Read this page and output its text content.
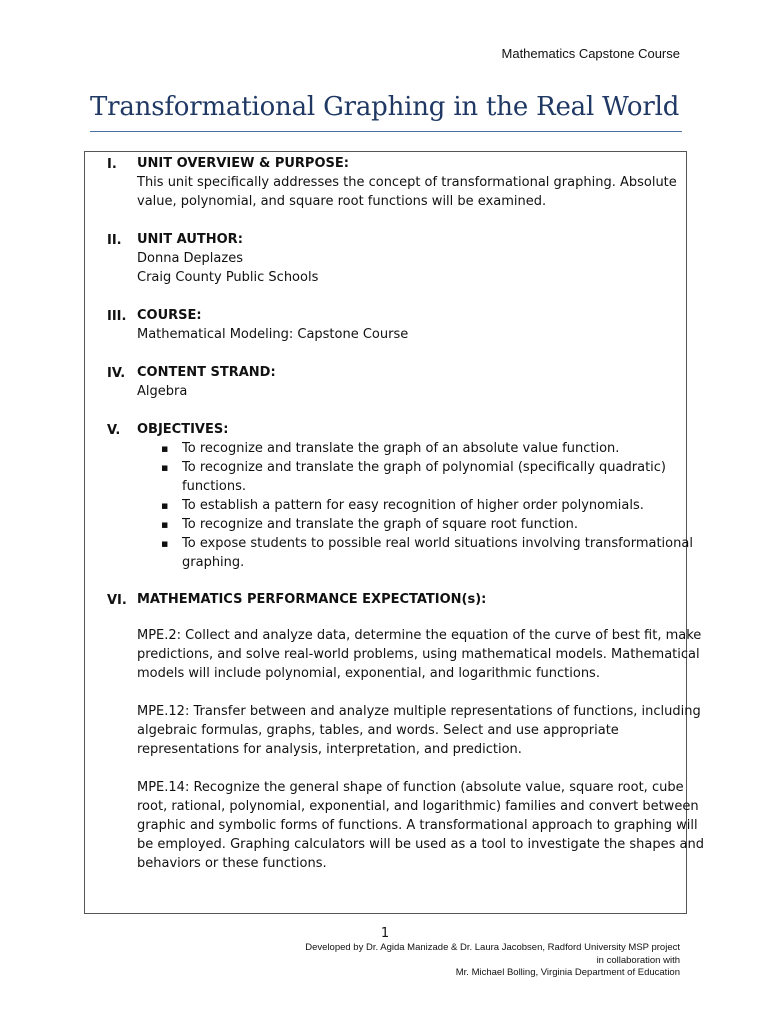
Mathematics Capstone Course
Transformational Graphing in the Real World
I.	UNIT OVERVIEW & PURPOSE:
This unit specifically addresses the concept of transformational graphing. Absolute
value, polynomial, and square root functions will be examined.
II.	UNIT AUTHOR:
Donna Deplazes
Craig County Public Schools
III. COURSE:
Mathematical Modeling: Capstone Course
IV. CONTENT STRAND:
Algebra
V.	OBJECTIVES:
▪ To recognize and translate the graph of an absolute value function.
▪ To recognize and translate the graph of polynomial (specifically quadratic)
functions.
▪ To establish a pattern for easy recognition of higher order polynomials.
▪ To recognize and translate the graph of square root function.
▪ To expose students to possible real world situations involving transformational
graphing.
VI. MATHEMATICS PERFORMANCE EXPECTATION(s):
MPE.2: Collect and analyze data, determine the equation of the curve of best fit, make
predictions, and solve real-world problems, using mathematical models. Mathematical
models will include polynomial, exponential, and logarithmic functions.
MPE.12: Transfer between and analyze multiple representations of functions, including
algebraic formulas, graphs, tables, and words. Select and use appropriate
representations for analysis, interpretation, and prediction.
MPE.14: Recognize the general shape of function (absolute value, square root, cube
root, rational, polynomial, exponential, and logarithmic) families and convert between
graphic and symbolic forms of functions. A transformational approach to graphing will
be employed. Graphing calculators will be used as a tool to investigate the shapes and
behaviors or these functions.
1
Developed by Dr. Agida Manizade & Dr. Laura Jacobsen, Radford University MSP project
in collaboration with
Mr. Michael Bolling, Virginia Department of Education
